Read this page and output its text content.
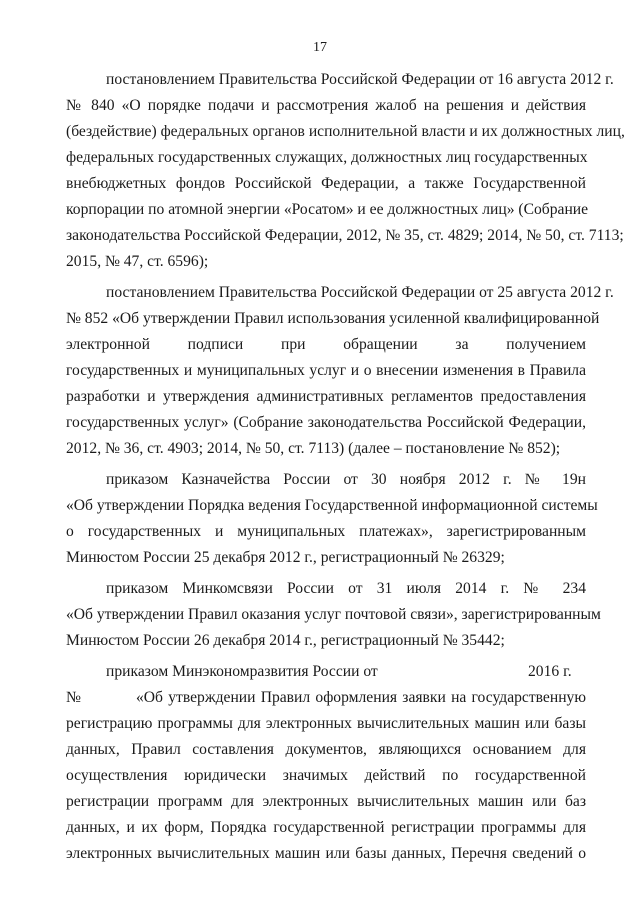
17
постановлением Правительства Российской Федерации от 16 августа 2012 г.
№ 840 «О порядке подачи и рассмотрения жалоб на решения и действия
(бездействие) федеральных органов исполнительной власти и их должностных лиц,
федеральных государственных служащих, должностных лиц государственных
внебюджетных фондов Российской Федерации, а также Государственной
корпорации по атомной энергии «Росатом» и ее должностных лиц» (Собрание
законодательства Российской Федерации, 2012, № 35, ст. 4829; 2014, № 50, ст. 7113;
2015, № 47, ст. 6596);
постановлением Правительства Российской Федерации от 25 августа 2012 г.
№ 852 «Об утверждении Правил использования усиленной квалифицированной
электронной подписи при обращении за получением
государственных и муниципальных услуг и о внесении изменения в Правила
разработки и утверждения административных регламентов предоставления
государственных услуг» (Собрание законодательства Российской Федерации,
2012, № 36, ст. 4903; 2014, № 50, ст. 7113) (далее – постановление № 852);
приказом Казначейства России от 30 ноября 2012 г. № 19н
«Об утверждении Порядка ведения Государственной информационной системы
о государственных и муниципальных платежах», зарегистрированным
Минюстом России 25 декабря 2012 г., регистрационный № 26329;
приказом Минкомсвязи России от 31 июля 2014 г. № 234
«Об утверждении Правил оказания услуг почтовой связи», зарегистрированным
Минюстом России 26 декабря 2014 г., регистрационный № 35442;
приказом Минэкономразвития России от	2016 г.
№	«Об утверждении Правил оформления заявки на государственную
регистрацию программы для электронных вычислительных машин или базы
данных, Правил составления документов, являющихся основанием для
осуществления юридически значимых действий по государственной
регистрации программ для электронных вычислительных машин или баз
данных, и их форм, Порядка государственной регистрации программы для
электронных вычислительных машин или базы данных, Перечня сведений о
